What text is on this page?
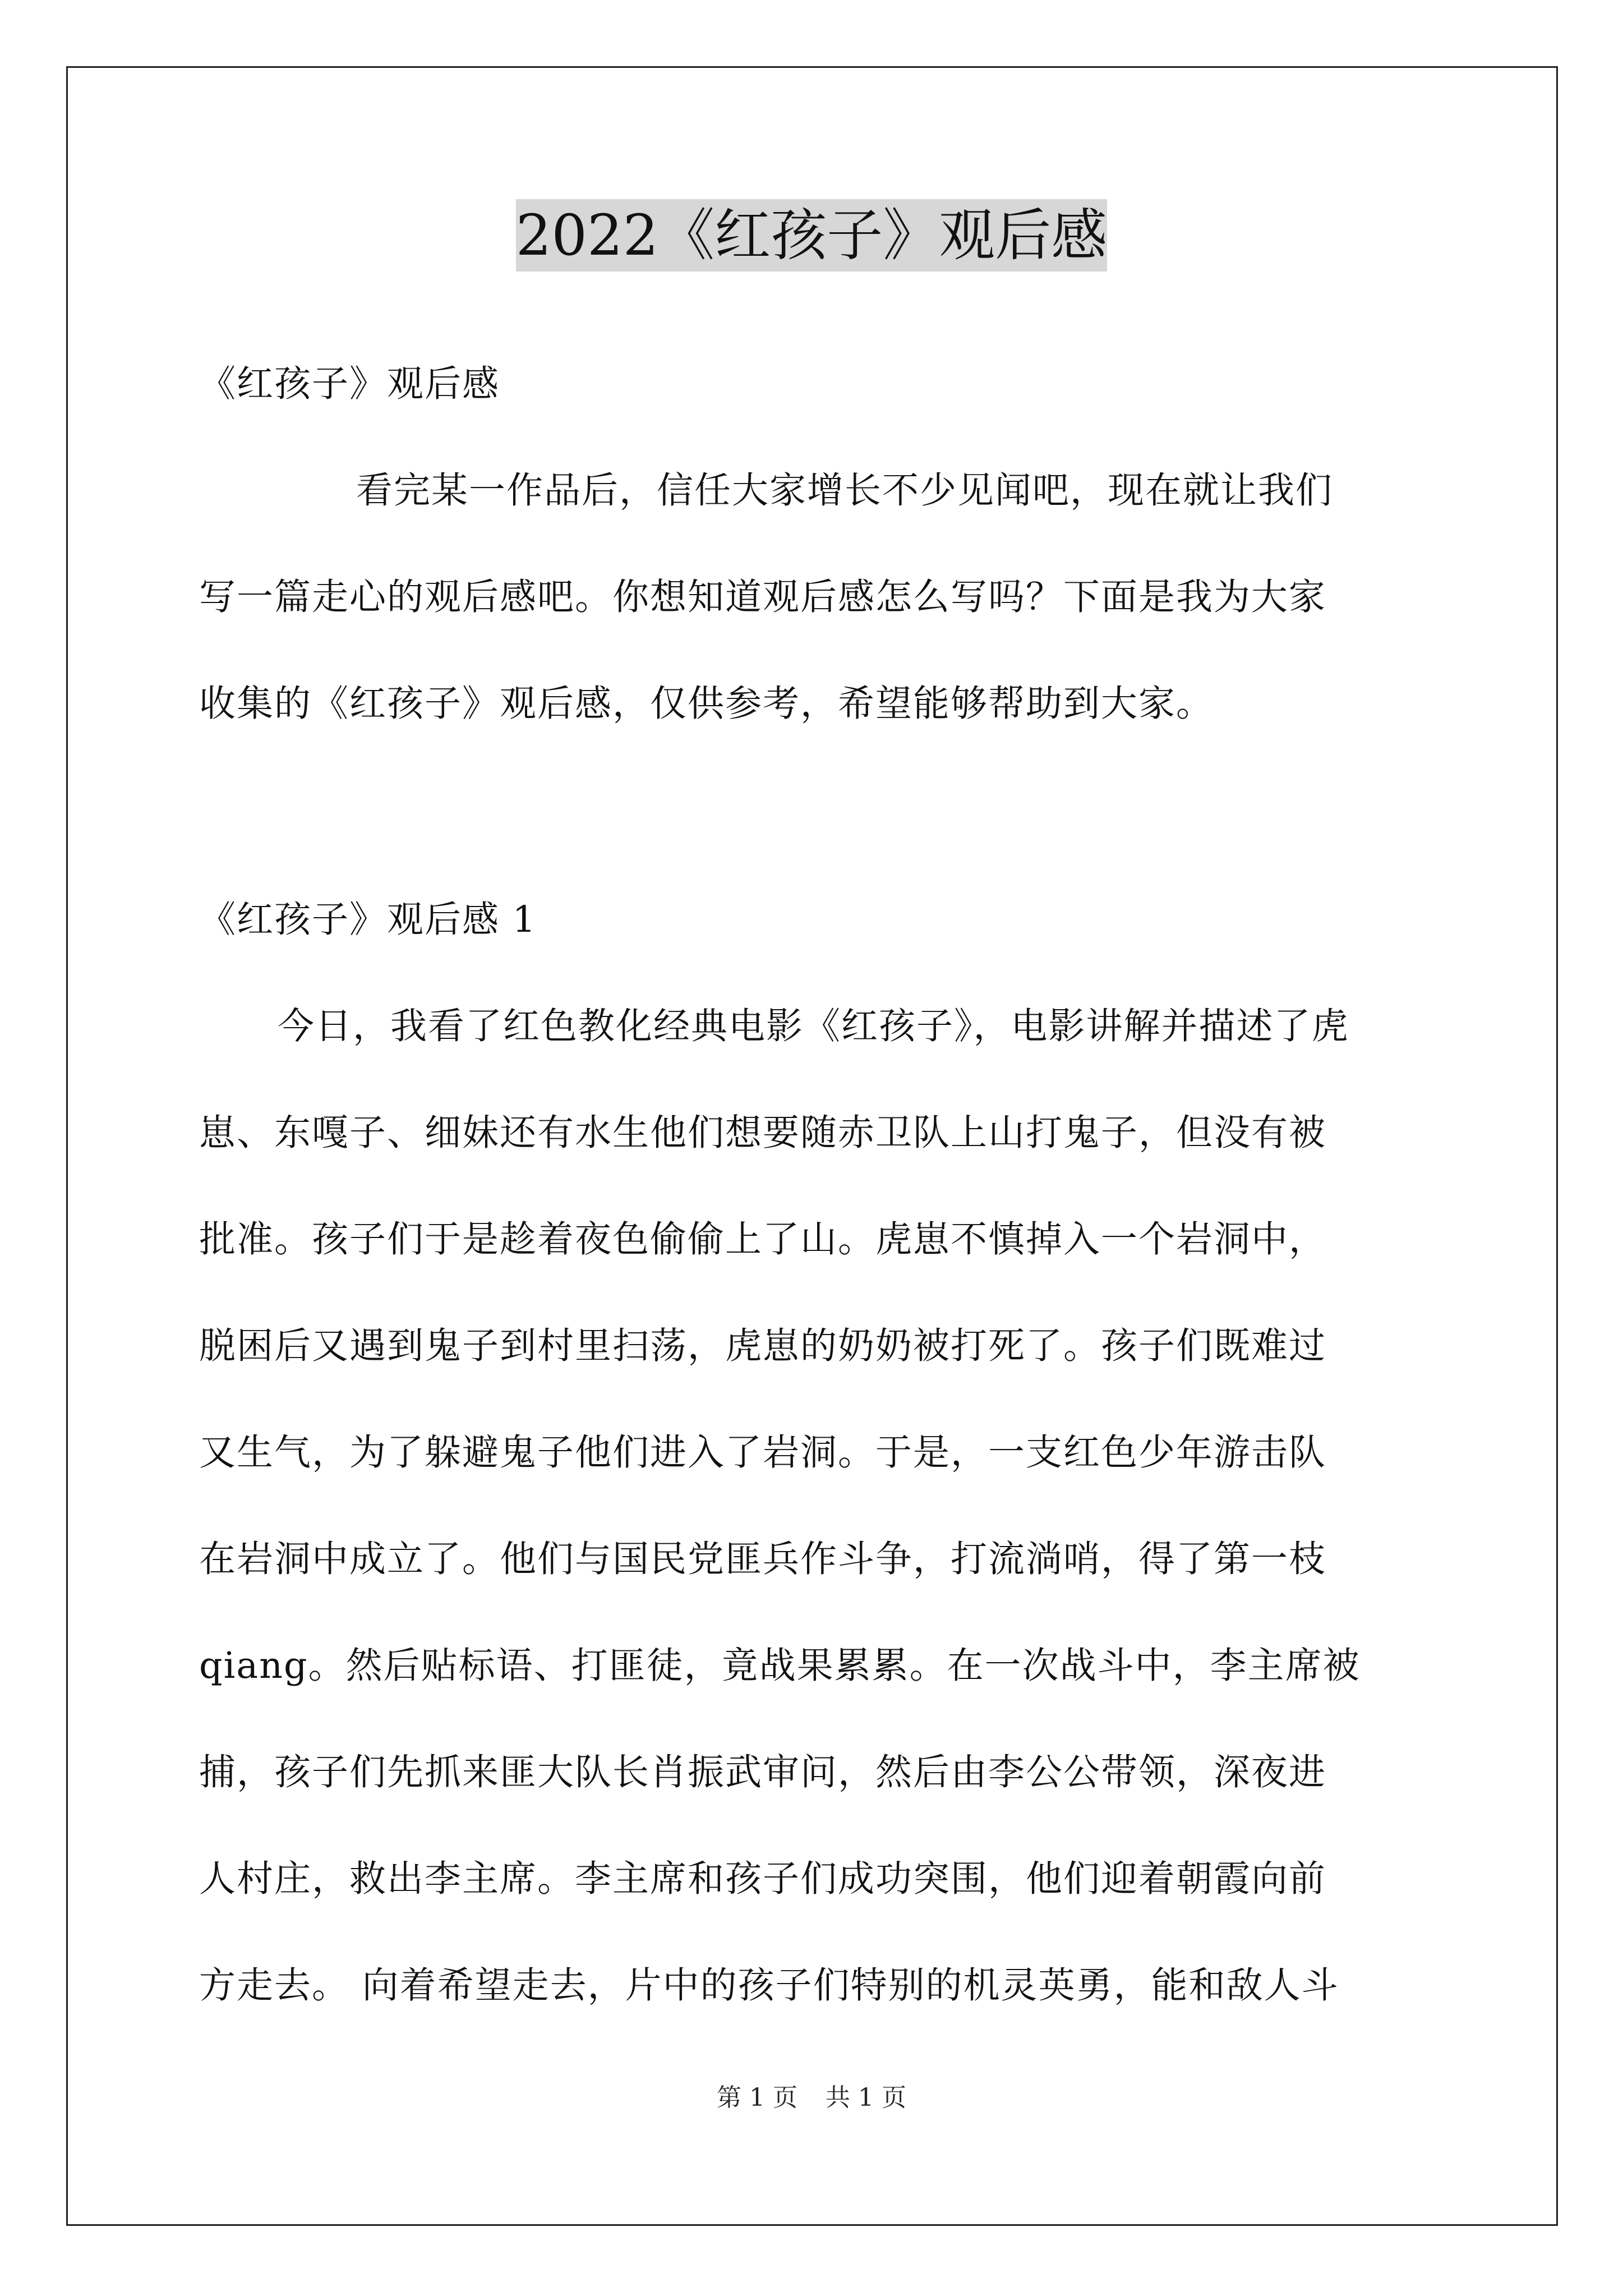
2022《红孩子》观后感
《红孩子》观后感
看完某一作品后，信任大家增长不少见闻吧，现在就让我们
写一篇走心的观后感吧。你想知道观后感怎么写吗？下面是我为大家
收集的《红孩子》观后感，仅供参考，希望能够帮助到大家。
《红孩子》观后感 1
今日，我看了红色教化经典电影《红孩子》，电影讲解并描述了虎
崽、东嘎子、细妹还有水生他们想要随赤卫队上山打鬼子，但没有被
批准。孩子们于是趁着夜色偷偷上了山。虎崽不慎掉入一个岩洞中，
脱困后又遇到鬼子到村里扫荡，虎崽的奶奶被打死了。孩子们既难过
又生气，为了躲避鬼子他们进入了岩洞。于是，一支红色少年游击队
在岩洞中成立了。他们与国民党匪兵作斗争，打流淌哨，得了第一枝
qiang。然后贴标语、打匪徒，竟战果累累。在一次战斗中，李主席被
捕，孩子们先抓来匪大队长肖振武审问，然后由李公公带领，深夜进
人村庄，救出李主席。李主席和孩子们成功突围，他们迎着朝霞向前
方走去。 向着希望走去，片中的孩子们特别的机灵英勇，能和敌人斗
第 1 页 共 1 页
